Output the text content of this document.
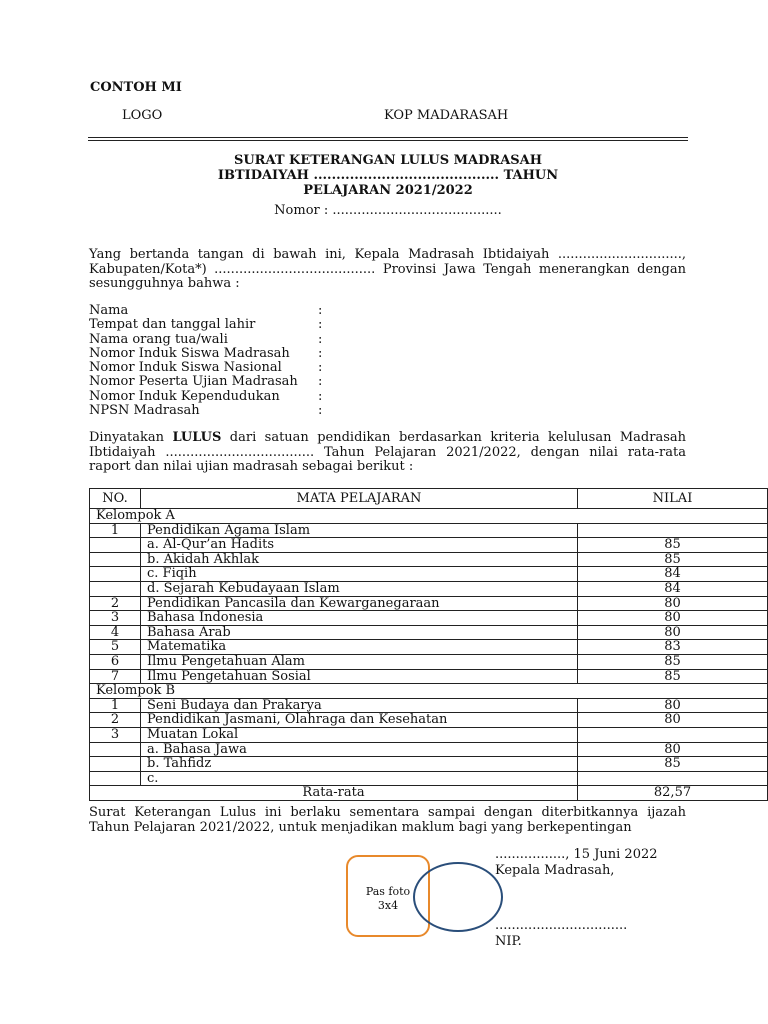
CONTOH MI
LOGO	KOP MADARASAH
SURAT KETERANGAN LULUS MADRASAH
IBTIDAIYAH ......................................... TAHUN
PELAJARAN 2021/2022
Nomor : .........................................
Yang bertanda tangan di bawah ini, Kepala Madrasah Ibtidaiyah .............................., Kabupaten/Kota*) ....................................... Provinsi Jawa Tengah menerangkan dengan sesungguhnya bahwa :
Nama	:
Tempat dan tanggal lahir	:
Nama orang tua/wali	:
Nomor Induk Siswa Madrasah :
Nomor Induk Siswa Nasional	:
Nomor Peserta Ujian Madrasah :
Nomor Induk Kependudukan	:
NPSN Madrasah	:
Dinyatakan LULUS dari satuan pendidikan berdasarkan kriteria kelulusan Madrasah Ibtidaiyah .................................... Tahun Pelajaran 2021/2022, dengan nilai rata-rata raport dan nilai ujian madrasah sebagai berikut :
NO.	MATA PELAJARAN	NILAI
Kelompok A		
1	Pendidikan Agama Islam	
	a. Al-Qur’an Hadits	85
	b. Akidah Akhlak	85
	c. Fiqih	84
	d. Sejarah Kebudayaan Islam	84
2	Pendidikan Pancasila dan Kewarganegaraan	80
3	Bahasa Indonesia	80
4	Bahasa Arab	80
5	Matematika	83
6	Ilmu Pengetahuan Alam	85
7	Ilmu Pengetahuan Sosial	85
Kelompok B		
1	Seni Budaya dan Prakarya	80
2	Pendidikan Jasmani, Olahraga dan Kesehatan	80
3	Muatan Lokal	
	a. Bahasa Jawa	80
	b. Tahfidz	85
	c.	
Rata-rata		82,57
Surat Keterangan Lulus ini berlaku sementara sampai dengan diterbitkannya ijazah Tahun Pelajaran 2021/2022, untuk menjadikan maklum bagi yang berkepentingan
................., 15 Juni 2022
Kepala Madrasah,
Pas foto
3x4
................................
NIP.
